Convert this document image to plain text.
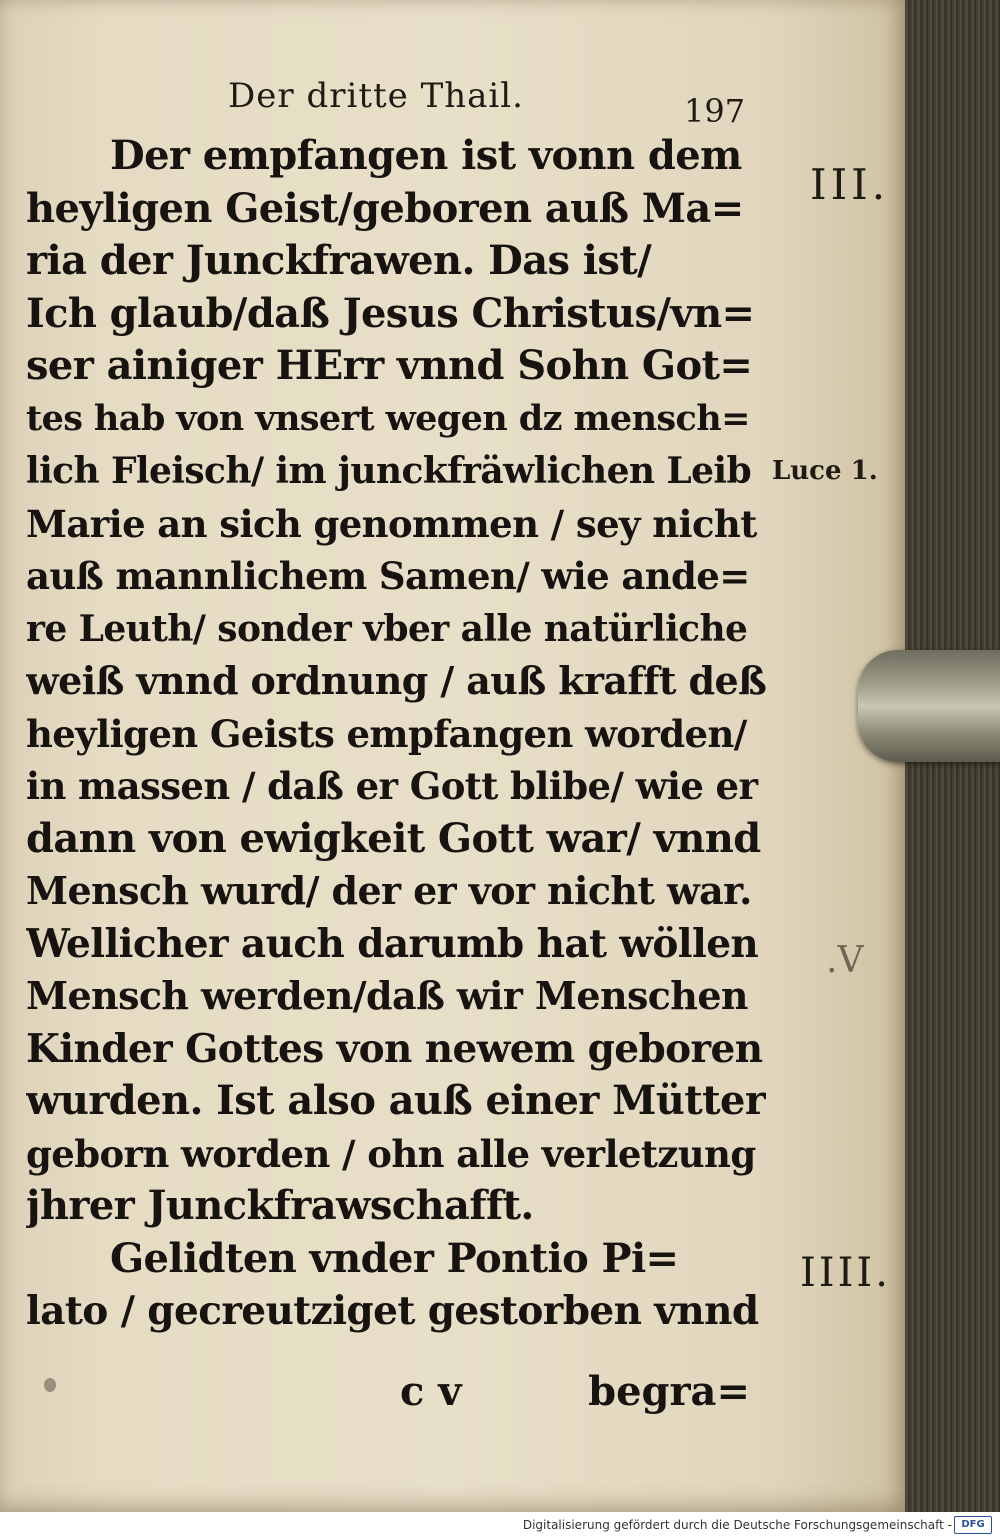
Der dritte Thail.	197
Der empfangen ist vonn dem
heyligen Geist/geboren auß Ma=
ria der Junckfrawen. Das ist/
Ich glaub/daß Jesus Christus/vn=
ser ainiger HErr vnnd Sohn Got=
tes hab von vnsert wegen dz mensch=
lich Fleisch/ im junckfräwlichen Leib
Marie an sich genommen / sey nicht
auß mannlichem Samen/ wie ande=
re Leuth/ sonder vber alle natürliche
weiß vnnd ordnung / auß krafft deß
heyligen Geists empfangen worden/
in massen / daß er Gott blibe/ wie er
dann von ewigkeit Gott war/ vnnd
Mensch wurd/ der er vor nicht war.
Wellicher auch darumb hat wöllen
Mensch werden/daß wir Menschen
Kinder Gottes von newem geboren
wurden. Ist also auß einer Mütter
geborn worden / ohn alle verletzung
jhrer Junckfrawschafft.
Gelidten vnder Pontio Pi=
lato / gecreutziget gestorben vnnd
III.
Luce 1.
.V
IIII.
c v	begra=
Digitalisierung gefördert durch die Deutsche Forschungsgemeinschaft - DFG
